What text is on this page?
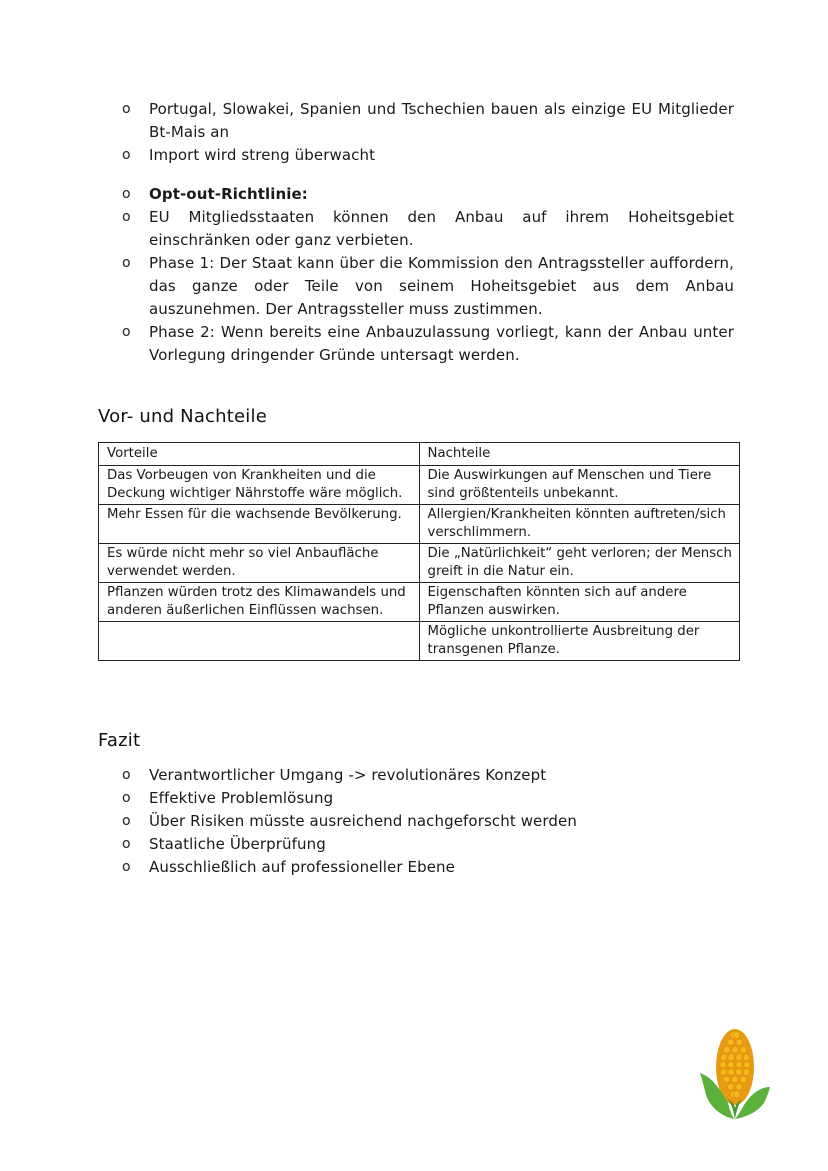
o Portugal, Slowakei, Spanien und Tschechien bauen als einzige EU Mitglieder Bt-Mais an
o Import wird streng überwacht
o Opt-out-Richtlinie:
o EU Mitgliedsstaaten können den Anbau auf ihrem Hoheitsgebiet einschränken oder ganz verbieten.
o Phase 1: Der Staat kann über die Kommission den Antragssteller auffordern, das ganze oder Teile von seinem Hoheitsgebiet aus dem Anbau auszunehmen. Der Antragssteller muss zustimmen.
o Phase 2: Wenn bereits eine Anbauzulassung vorliegt, kann der Anbau unter Vorlegung dringender Gründe untersagt werden.
Vor- und Nachteile
Vorteile	Nachteile
Das Vorbeugen von Krankheiten und die Deckung wichtiger Nährstoffe wäre möglich.	Die Auswirkungen auf Menschen und Tiere sind größtenteils unbekannt.
Mehr Essen für die wachsende Bevölkerung.	Allergien/Krankheiten könnten auftreten/sich verschlimmern.
Es würde nicht mehr so viel Anbaufläche verwendet werden.	Die „Natürlichkeit“ geht verloren; der Mensch greift in die Natur ein.
Pflanzen würden trotz des Klimawandels und anderen äußerlichen Einflüssen wachsen.	Eigenschaften könnten sich auf andere Pflanzen auswirken.
	Mögliche unkontrollierte Ausbreitung der transgenen Pflanze.
Fazit
o Verantwortlicher Umgang -> revolutionäres Konzept
o Effektive Problemlösung
o Über Risiken müsste ausreichend nachgeforscht werden
o Staatliche Überprüfung
o Ausschließlich auf professioneller Ebene
